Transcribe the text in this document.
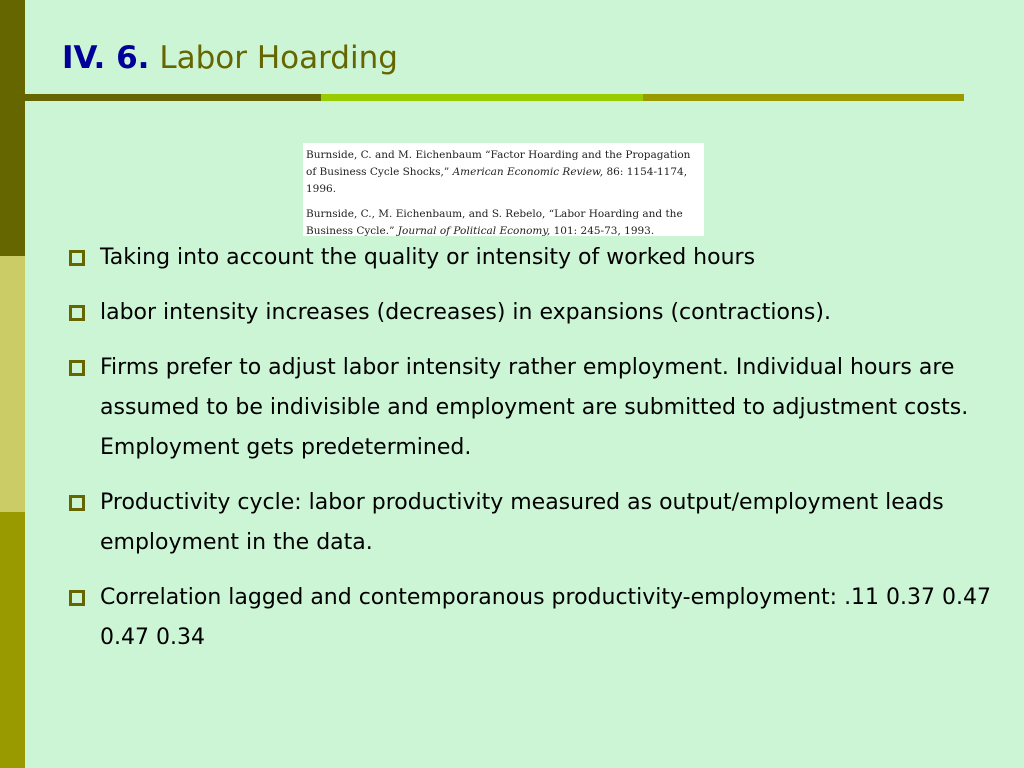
IV. 6. Labor Hoarding
Burnside, C. and M. Eichenbaum “Factor Hoarding and the Propagation of Business Cycle Shocks,” American Economic Review, 86: 1154-1174, 1996.
Burnside, C., M. Eichenbaum, and S. Rebelo, “Labor Hoarding and the Business Cycle.” Journal of Political Economy, 101: 245-73, 1993.
Taking into account the quality or intensity of worked hours
labor intensity increases (decreases) in expansions (contractions).
Firms prefer to adjust labor intensity rather employment. Individual hours are assumed to be indivisible and employment are submitted to adjustment costs. Employment gets predetermined.
Productivity cycle: labor productivity measured as output/employment leads employment in the data.
Correlation lagged and contemporanous productivity-employment: .11 0.37 0.47 0.47 0.34
